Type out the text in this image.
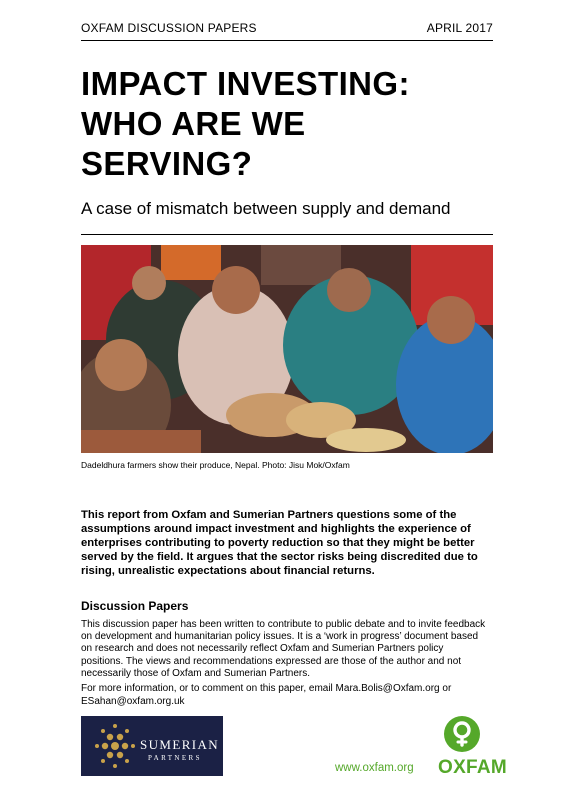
OXFAM DISCUSSION PAPERS	APRIL 2017
IMPACT INVESTING:
WHO ARE WE
SERVING?
A case of mismatch between supply and demand
Dadeldhura farmers show their produce, Nepal. Photo: Jisu Mok/Oxfam
This report from Oxfam and Sumerian Partners questions some of the assumptions around impact investment and highlights the experience of enterprises contributing to poverty reduction so that they might be better served by the field. It argues that the sector risks being discredited due to rising, unrealistic expectations about financial returns.
Discussion Papers
This discussion paper has been written to contribute to public debate and to invite feedback on development and humanitarian policy issues. It is a ‘work in progress’ document based on research and does not necessarily reflect Oxfam and Sumerian Partners policy positions. The views and recommendations expressed are those of the author and not necessarily those of Oxfam and Sumerian Partners.
For more information, or to comment on this paper, email Mara.Bolis@Oxfam.org or ESahan@oxfam.org.uk
SUMERIAN
PARTNERS
www.oxfam.org OXFAM
